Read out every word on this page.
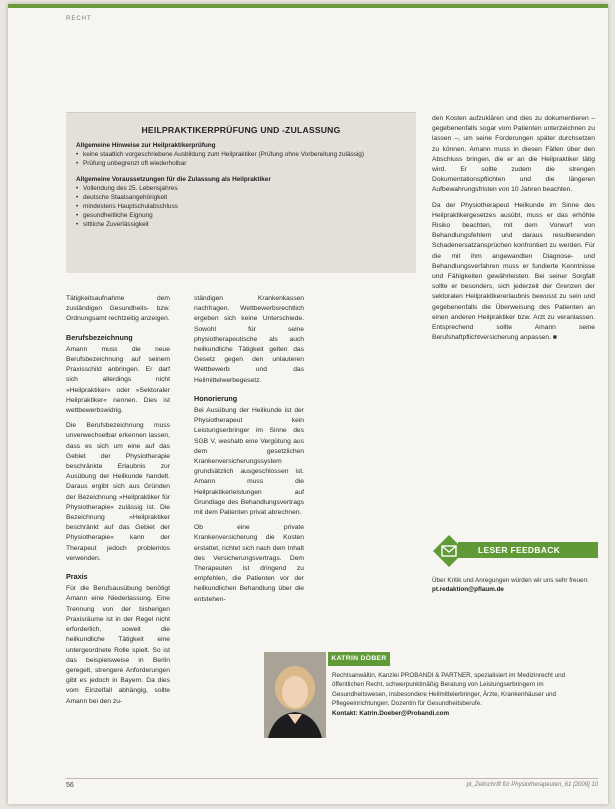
RECHT
HEILPRAKTIKERPRÜFUNG UND -ZULASSUNG
Allgemeine Hinweise zur Heilpraktikerprüfung
• keine staatlich vorgeschriebene Ausbildung zum Heilpraktiker (Prüfung ohne Vorbereitung zulässig)
• Prüfung unbegrenzt oft wiederholbar
Allgemeine Voraussetzungen für die Zulassung als Heilpraktiker
• Vollendung des 25. Lebensjahres
• deutsche Staatsangehörigkeit
• mindestens Hauptschulabschluss
• gesundheitliche Eignung
• sittliche Zuverlässigkeit

Tätigkeitsaufnahme dem zuständigen Gesundheits- bzw. Ordnungsamt rechtzeitig anzeigen.

Berufsbezeichnung

Amann muss die neue Berufsbezeichnung auf seinem Praxisschild anbringen. Er darf sich allerdings nicht »Heilpraktiker« oder »Sektoraler Heilpraktiker« nennen. Dies ist wettbewerbswidrig.

Die Berufsbezeichnung muss unverwechselbar erkennen lassen, dass es sich um eine auf das Gebiet der Physiotherapie beschränkte Erlaubnis zur Ausübung der Heilkunde handelt. Daraus ergibt sich aus Gründen der Bezeichnung »Heilpraktiker für Physiotherapie« zulässig ist. Die Bezeichnung »Heilpraktiker beschränkt auf das Gebiet der Physiotherapie« kann der Therapeut jedoch problemlos verwenden.

Praxis

Für die Berufsausübung benötigt Amann eine Niederlassung. Eine Trennung von der bisherigen Praxisräume ist in der Regel nicht erforderlich, soweit die heilkundliche Tätigkeit eine untergeordnete Rolle spielt. So ist das beispielsweise in Berlin geregelt, strengere Anforderungen gibt es jedoch in Bayern. Da dies vom Einzelfall abhängig, sollte Amann bei den zu-

ständigen Krankenkassen nachfragen. Wettbewerbsrechtlich ergeben sich keine Unterschiede. Sowohl für seine physiotherapeutische als auch heilkundliche Tätigkeit gelten das Gesetz gegen den unlauteren Wettbewerb und das Heilmittelwerbegesetz.

Honorierung

Bei Ausübung der Heilkunde ist der Physiotherapeut kein Leistungserbringer im Sinne des SGB V, weshalb eine Vergütung aus dem gesetzlichen Krankenversicherungssystem grundsätzlich ausgeschlossen ist. Amann muss die Heilpraktikerleistungen auf Grundlage des Behandlungsvertrags mit dem Patienten privat abrechnen.

Ob eine private Krankenversicherung die Kosten erstattet, richtet sich nach dem Inhalt des Versicherungsvertrags. Dem Therapeuten ist dringend zu empfehlen, die Patienten vor der heilkundlichen Behandlung über die entstehen-

den Kosten aufzuklären und dies zu dokumentieren – gegebenenfalls sogar vom Patienten unterzeichnen zu lassen –, um seine Forderungen später durchsetzen zu können. Amann muss in diesen Fällen über den Abschluss bringen, die er an die Heilpraktiker tätig wird. Er sollte zudem die strengen Dokumentationspflichten und die längeren Aufbewahrungsfristen von 10 Jahren beachten.

Da der Physiotherapeut Heilkunde im Sinne des Heilpraktikergesetzes ausübt, muss er das erhöhte Risiko beachten, mit dem Vorwurf von Behandlungsfehlern und daraus resultierenden Schadenersatzansprüchen konfrontiert zu werden. Für die mit ihm angewandten Diagnose- und Behandlungsverfahren muss er fundierte Kenntnisse und Fähigkeiten gewährleisten. Bei seiner Sorgfalt sollte er besonders, sich jederzeit der Grenzen der sektoralen Heilpraktikererlaubnis bewusst zu sein und gegebenenfalls die Überweisung des Patienten an einen anderen Heilpraktiker bzw. Arzt zu veranlassen. Entsprechend sollte Amann seine Berufshaftpflichtversicherung anpassen. ■

LESER FEEDBACK
Über Kritik und Anregungen würden wir uns sehr freuen:
pt.redaktion@pflaum.de
KATRIN DÖBER
Rechtsanwältin, Kanzlei PROBANDI & PARTNER, spezialisiert im Medizinrecht und öffentlichen Recht, schwerpunktmäßig Beratung von Leistungserbringern im Gesundheitswesen, insbesondere Heilmittelerbringer, Ärzte, Krankenhäuser und Pflegeeinrichtungen; Dozentin für Gesundheitsberufe.
Kontakt: Katrin.Doeber@Probandi.com
56	pt_Zeitschrift für Physiotherapeuten_61 [2009] 10
